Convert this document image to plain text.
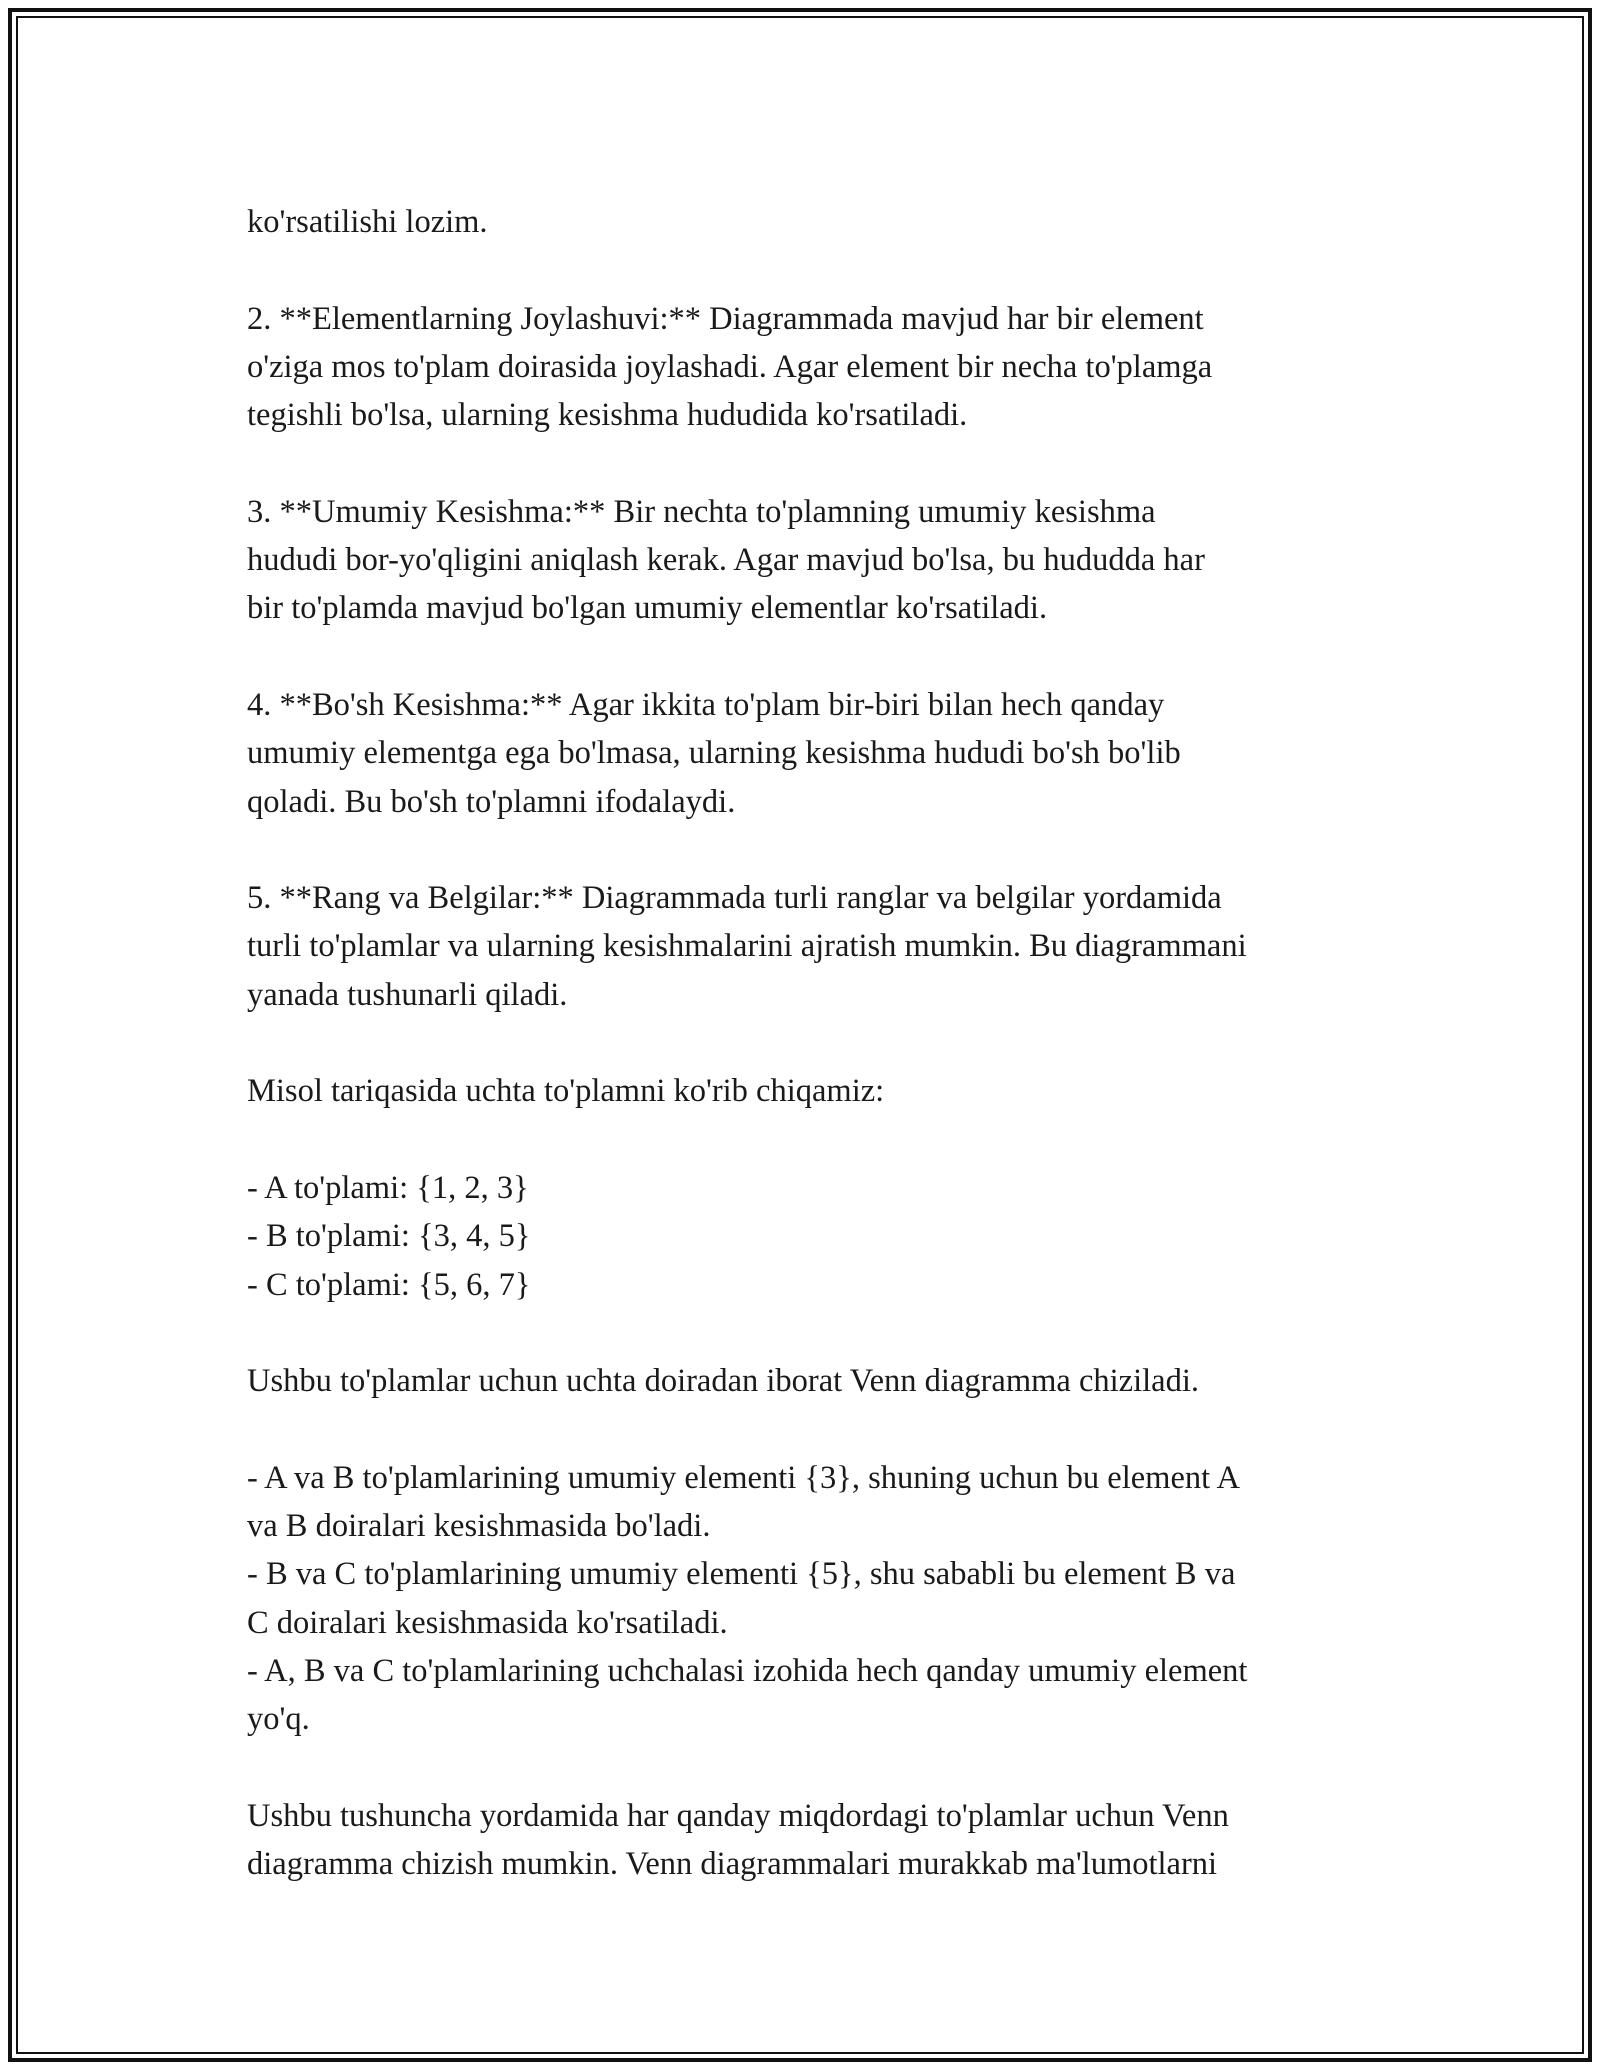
ko'rsatilishi lozim.
2. **Elementlarning Joylashuvi:** Diagrammada mavjud har bir element
o'ziga mos to'plam doirasida joylashadi. Agar element bir necha to'plamga
tegishli bo'lsa, ularning kesishma hududida ko'rsatiladi.
3. **Umumiy Kesishma:** Bir nechta to'plamning umumiy kesishma
hududi bor-yo'qligini aniqlash kerak. Agar mavjud bo'lsa, bu hududda har
bir to'plamda mavjud bo'lgan umumiy elementlar ko'rsatiladi.
4. **Bo'sh Kesishma:** Agar ikkita to'plam bir-biri bilan hech qanday
umumiy elementga ega bo'lmasa, ularning kesishma hududi bo'sh bo'lib
qoladi. Bu bo'sh to'plamni ifodalaydi.
5. **Rang va Belgilar:** Diagrammada turli ranglar va belgilar yordamida
turli to'plamlar va ularning kesishmalarini ajratish mumkin. Bu diagrammani
yanada tushunarli qiladi.
Misol tariqasida uchta to'plamni ko'rib chiqamiz:
- A to'plami: {1, 2, 3}
- B to'plami: {3, 4, 5}
- C to'plami: {5, 6, 7}
Ushbu to'plamlar uchun uchta doiradan iborat Venn diagramma chiziladi.
- A va B to'plamlarining umumiy elementi {3}, shuning uchun bu element A
va B doiralari kesishmasida bo'ladi.
- B va C to'plamlarining umumiy elementi {5}, shu sababli bu element B va
C doiralari kesishmasida ko'rsatiladi.
- A, B va C to'plamlarining uchchalasi izohida hech qanday umumiy element
yo'q.
Ushbu tushuncha yordamida har qanday miqdordagi to'plamlar uchun Venn
diagramma chizish mumkin. Venn diagrammalari murakkab ma'lumotlarni
